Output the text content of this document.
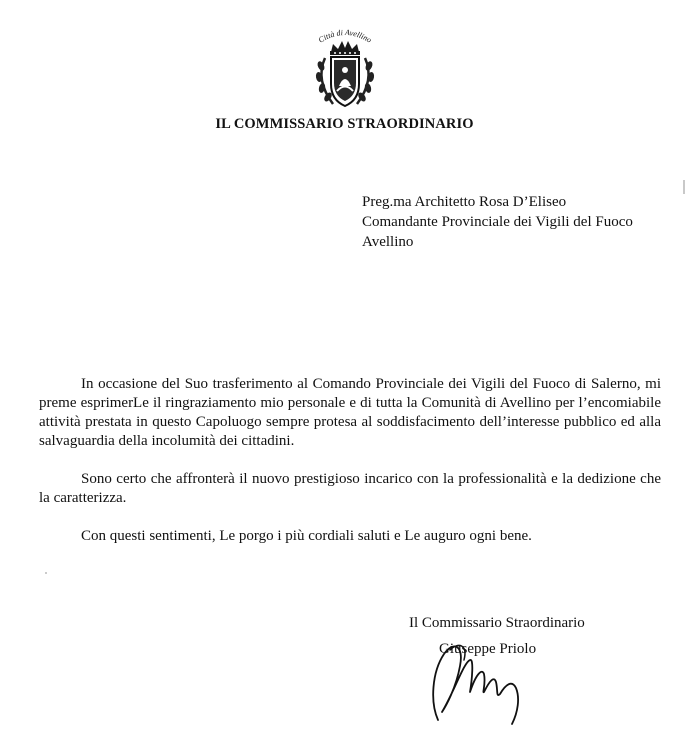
Città di Avellino
IL COMMISSARIO STRAORDINARIO
Preg.ma Architetto Rosa D’Eliseo
Comandante Provinciale dei Vigili del Fuoco
Avellino

In occasione del Suo trasferimento al Comando Provinciale dei Vigili del Fuoco di Salerno, mi preme esprimerLe il ringraziamento mio personale e di tutta la Comunità di Avellino per l’encomiabile attività prestata in questo Capoluogo sempre protesa al soddisfacimento dell’interesse pubblico ed alla salvaguardia della incolumità dei cittadini.

Sono certo che affronterà il nuovo prestigioso incarico con la professionalità e la dedizione che la caratterizza.

Con questi sentimenti, Le porgo i più cordiali saluti e Le auguro ogni bene.

Il Commissario Straordinario
Giuseppe Priolo
